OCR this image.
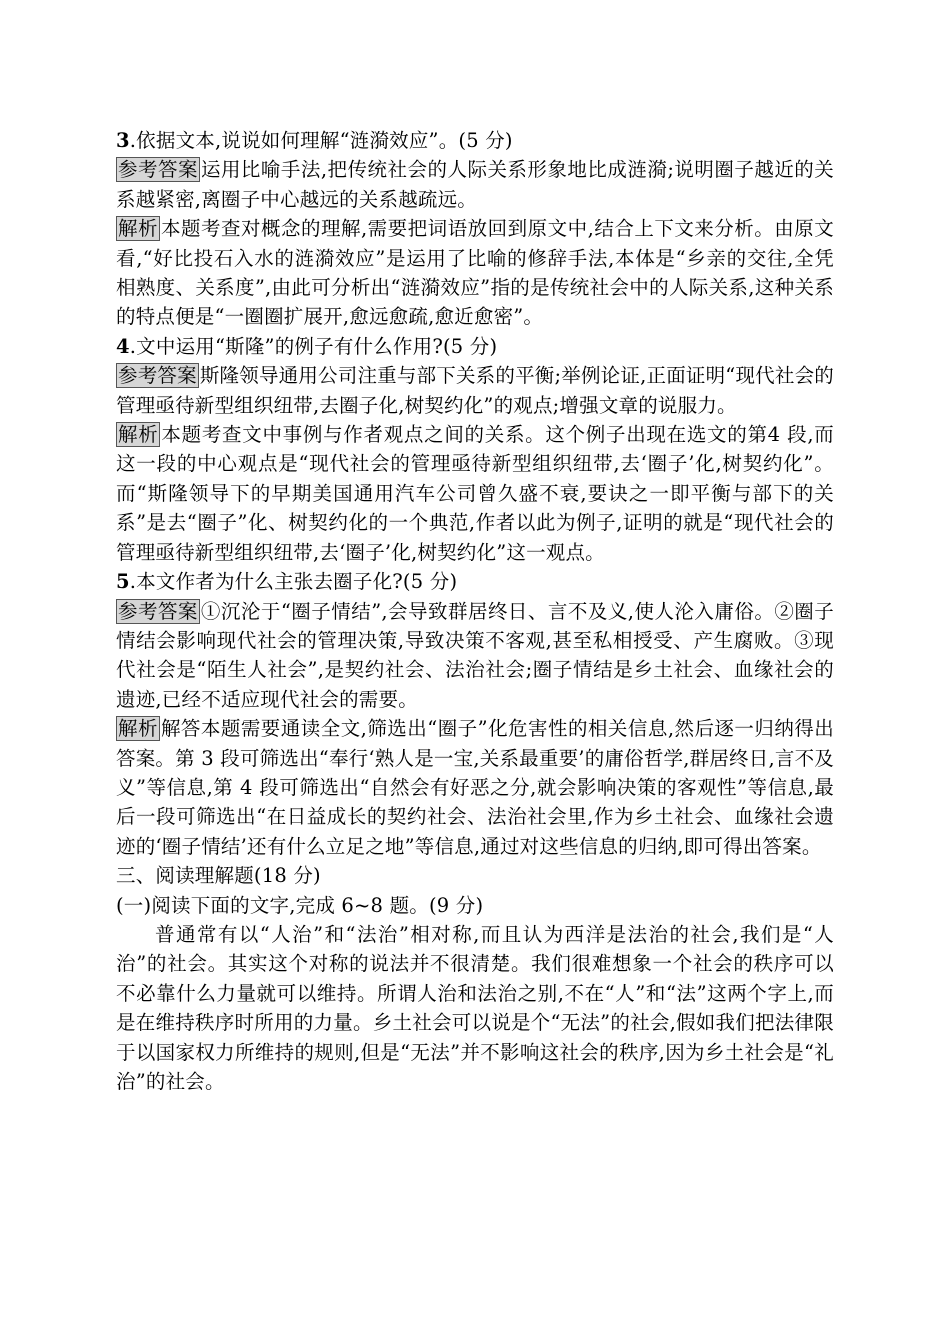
3.依据文本,说说如何理解“涟漪效应”。(5 分)

参考答案 运用比喻手法,把传统社会的人际关系形象地比成涟漪;说明圈子越近的关系越紧密,离圈子中心越远的关系越疏远。

解析 本题考查对概念的理解,需要把词语放回到原文中,结合上下文来分析。由原文看,“好比投石入水的涟漪效应”是运用了比喻的修辞手法,本体是“乡亲的交往,全凭相熟度、关系度”,由此可分析出“涟漪效应”指的是传统社会中的人际关系,这种关系的特点便是“一圈圈扩展开,愈远愈疏,愈近愈密”。

4.文中运用“斯隆”的例子有什么作用?(5 分)

参考答案 斯隆领导通用公司注重与部下关系的平衡;举例论证,正面证明“现代社会的管理亟待新型组织纽带,去圈子化,树契约化”的观点;增强文章的说服力。

解析 本题考查文中事例与作者观点之间的关系。这个例子出现在选文的第4 段,而这一段的中心观点是“现代社会的管理亟待新型组织纽带,去‘圈子’化,树契约化”。而“斯隆领导下的早期美国通用汽车公司曾久盛不衰,要诀之一即平衡与部下的关系”是去“圈子”化、树契约化的一个典范,作者以此为例子,证明的就是“现代社会的管理亟待新型组织纽带,去‘圈子’化,树契约化”这一观点。

5.本文作者为什么主张去圈子化?(5 分)

参考答案 ①沉沦于“圈子情结”,会导致群居终日、言不及义,使人沦入庸俗。②圈子情结会影响现代社会的管理决策,导致决策不客观,甚至私相授受、产生腐败。③现代社会是“陌生人社会”,是契约社会、法治社会;圈子情结是乡土社会、血缘社会的遗迹,已经不适应现代社会的需要。

解析 解答本题需要通读全文,筛选出“圈子”化危害性的相关信息,然后逐一归纳得出答案。第 3 段可筛选出“奉行‘熟人是一宝,关系最重要’的庸俗哲学,群居终日,言不及义”等信息,第 4 段可筛选出“自然会有好恶之分,就会影响决策的客观性”等信息,最后一段可筛选出“在日益成长的契约社会、法治社会里,作为乡土社会、血缘社会遗迹的‘圈子情结’还有什么立足之地”等信息,通过对这些信息的归纳,即可得出答案。

三、阅读理解题(18 分)

(一)阅读下面的文字,完成 6~8 题。(9 分)

普通常有以“人治”和“法治”相对称,而且认为西洋是法治的社会,我们是“人治”的社会。其实这个对称的说法并不很清楚。我们很难想象一个社会的秩序可以不必靠什么力量就可以维持。所谓人治和法治之别,不在“人”和“法”这两个字上,而是在维持秩序时所用的力量。乡土社会可以说是个“无法”的社会,假如我们把法律限于以国家权力所维持的规则,但是“无法”并不影响这社会的秩序,因为乡土社会是“礼治”的社会。
